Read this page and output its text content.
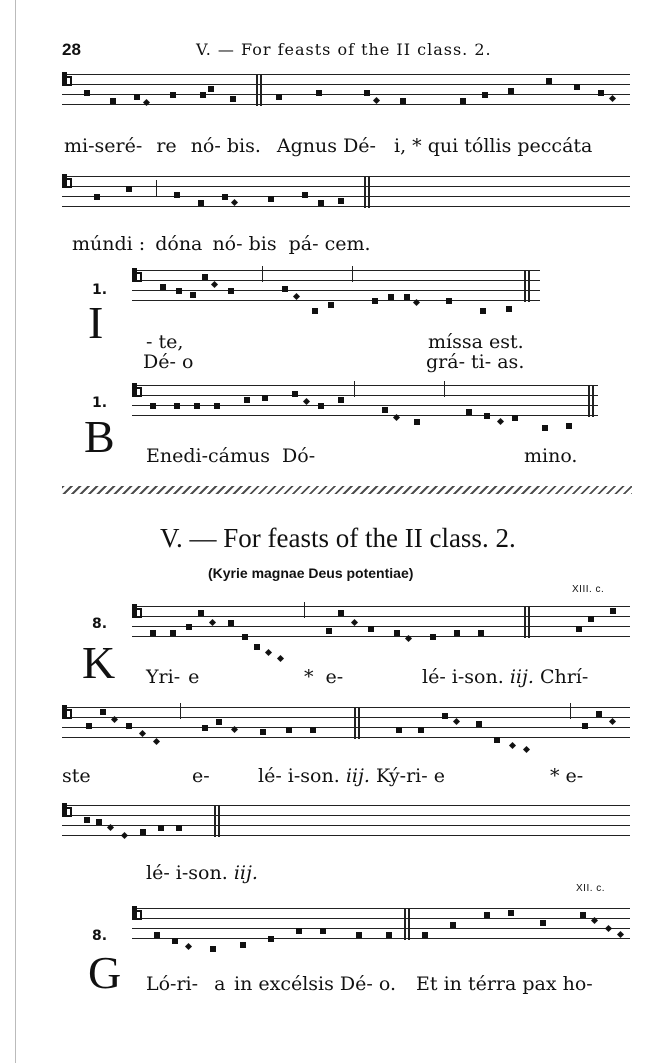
28	V. — For feasts of the II class. 2.
mi-seré- re nó- bis. Agnus Dé- i, * qui tóllis peccáta
múndi : dóna nó- bis pá- cem.
1.
I - te,	míssa est.
Dé- o	grá- ti- as.
1.
B Enedi-cámus Dó-	mino.
V. — For feasts of the II class. 2.
(Kyrie magnae Deus potentiae)
XIII. c.
8.
K Yri- e	* e-	lé- i-son. iij. Chrí-
ste	e-	lé- i-son. iij. Ký-ri- e	* e-
lé- i-son. iij.
XII. c.
8.
G Ló-ri- a in excélsis Dé- o. Et in térra pax ho-
